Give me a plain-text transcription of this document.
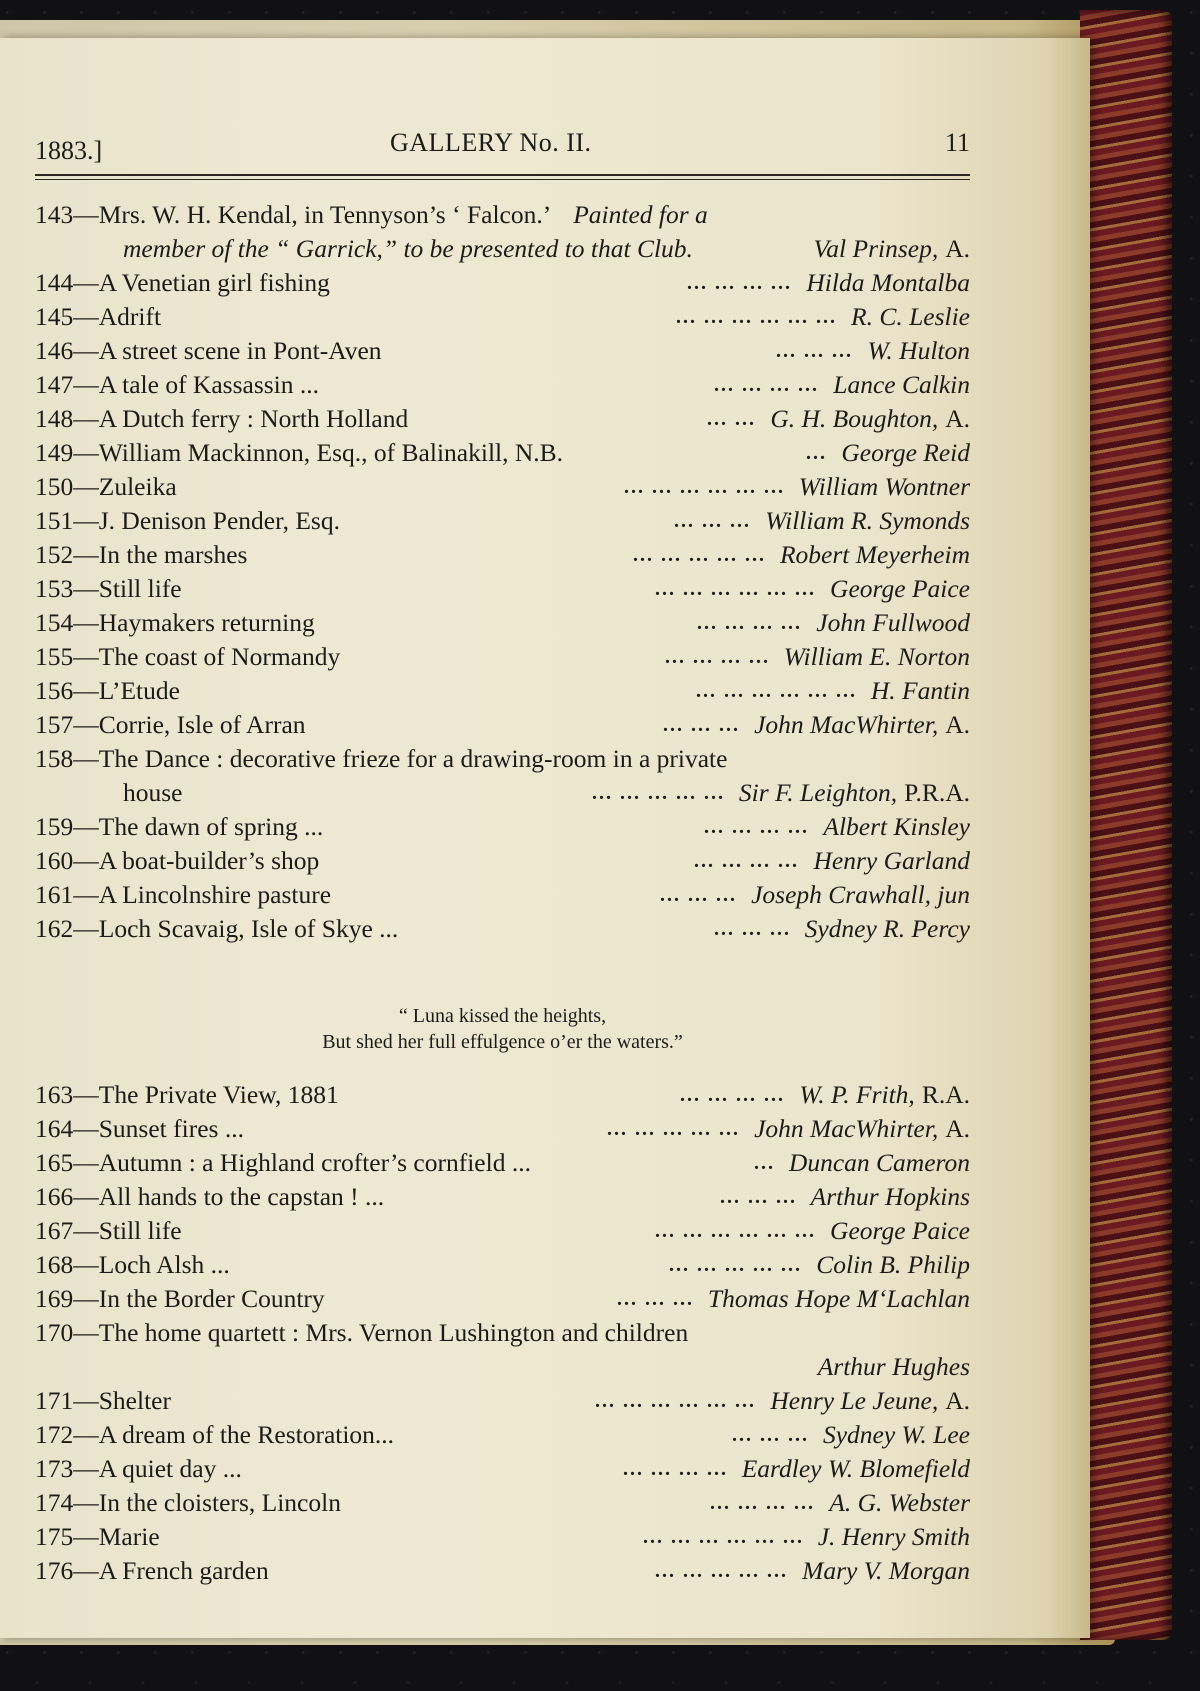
1883.]	GALLERY No. II.	11
143—Mrs. W. H. Kendal, in Tennyson’s ‘ Falcon.’ Painted for a
member of the “ Garrick,” to be presented to that Club.	Val Prinsep, A.
144—A Venetian girl fishing	... ... ... ... Hilda Montalba
145—Adrift	... ... ... ... ... ... R. C. Leslie
146—A street scene in Pont-Aven	... ... ... W. Hulton
147—A tale of Kassassin ...	... ... ... ... Lance Calkin
148—A Dutch ferry : North Holland	... ... G. H. Boughton, A.
149—William Mackinnon, Esq., of Balinakill, N.B.	... George Reid
150—Zuleika	... ... ... ... ... ... William Wontner
151—J. Denison Pender, Esq.	... ... ... William R. Symonds
152—In the marshes	... ... ... ... ... Robert Meyerheim
153—Still life	... ... ... ... ... ... George Paice
154—Haymakers returning	... ... ... ... John Fullwood
155—The coast of Normandy	... ... ... ... William E. Norton
156—L’Etude	... ... ... ... ... ... H. Fantin
157—Corrie, Isle of Arran	... ... ... John MacWhirter, A.
158—The Dance : decorative frieze for a drawing-room in a private
house	... ... ... ... ... Sir F. Leighton, P.R.A.
159—The dawn of spring ...	... ... ... ... Albert Kinsley
160—A boat-builder’s shop	... ... ... ... Henry Garland
161—A Lincolnshire pasture	... ... ... Joseph Crawhall, jun
162—Loch Scavaig, Isle of Skye ...	... ... ... Sydney R. Percy
“ Luna kissed the heights,
But shed her full effulgence o’er the waters.”
163—The Private View, 1881	... ... ... ... W. P. Frith, R.A.
164—Sunset fires ...	... ... ... ... ... John MacWhirter, A.
165—Autumn : a Highland crofter’s cornfield ...	... Duncan Cameron
166—All hands to the capstan ! ...	... ... ... Arthur Hopkins
167—Still life	... ... ... ... ... ... George Paice
168—Loch Alsh ...	... ... ... ... ... Colin B. Philip
169—In the Border Country	... ... ... Thomas Hope M‘Lachlan
170—The home quartett : Mrs. Vernon Lushington and children
Arthur Hughes
171—Shelter	... ... ... ... ... ... Henry Le Jeune, A.
172—A dream of the Restoration...	... ... ... Sydney W. Lee
173—A quiet day ...	... ... ... ... Eardley W. Blomefield
174—In the cloisters, Lincoln	... ... ... ... A. G. Webster
175—Marie	... ... ... ... ... ... J. Henry Smith
176—A French garden	... ... ... ... ... Mary V. Morgan
